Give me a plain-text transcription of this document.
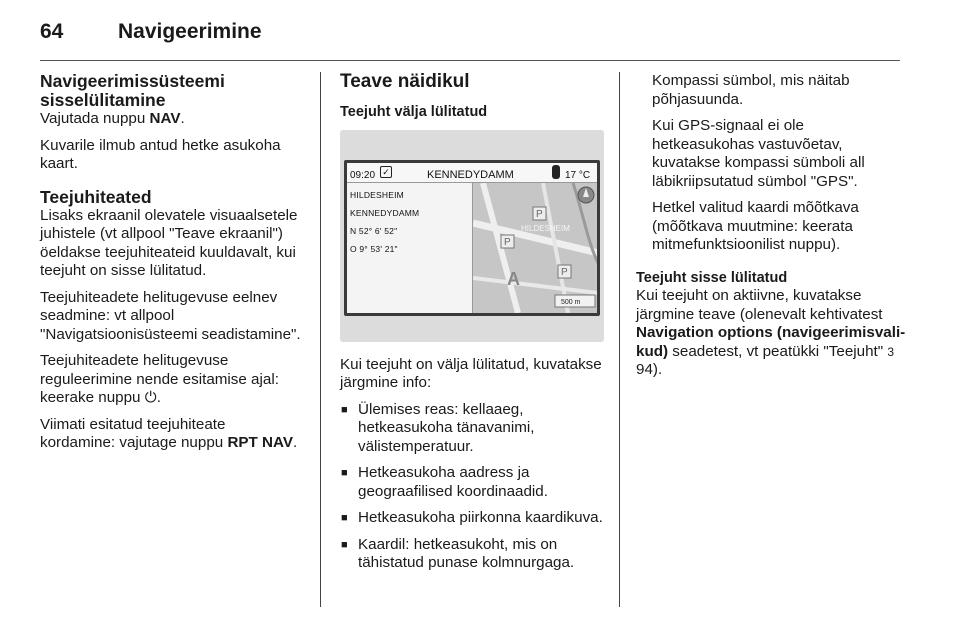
64	Navigeerimine
Navigeerimissüsteemi sisselülitamine

Vajutada nuppu NAV.

Kuvarile ilmub antud hetke asukoha kaart.

Teejuhiteated

Lisaks ekraanil olevatele visuaalsetele juhistele (vt allpool "Teave ekraanil") öeldakse teejuhiteateid kuuldavalt, kui teejuht on sisse lülitatud.

Teejuhiteadete helitugevuse eelnev seadmine: vt allpool "Navigatsioonisüsteemi seadistamine".

Teejuhiteadete helitugevuse reguleerimine nende esitamise ajal: keerake nuppu ⏻.

Viimati esitatud teejuhiteate kordamine: vajutage nuppu RPT NAV.

Teave näidikul
Teejuht välja lülitatud
09:20 ✓	KENNEDYDAMM	17 °C
HILDESHEIM
KENNEDYDAMM
N 52° 6' 52"
O 9° 53' 21"
P
P
P
HILDESHEIM
A
500 m

Kui teejuht on välja lülitatud, kuvatakse järgmine info:

■ Ülemises reas: kellaaeg, hetkeasukoha tänavanimi, välistemperatuur.
■ Hetkeasukoha aadress ja geograafilised koordinaadid.
■ Hetkeasukoha piirkonna kaardikuva.
■ Kaardil: hetkeasukoht, mis on tähistatud punase kolmnurgaga.

Kompassi sümbol, mis näitab põhjasuunda.

Kui GPS-signaal ei ole hetkeasukohas vastuvõetav, kuvatakse kompassi sümboli all läbikriipsutatud sümbol "GPS".

Hetkel valitud kaardi mõõtkava (mõõtkava muutmine: keerata mitmefunktsioonilist nuppu).

Teejuht sisse lülitatud

Kui teejuht on aktiivne, kuvatakse järgmine teave (olenevalt kehtivatest Navigation options (navigeerimisvali-kud) seadetest, vt peatükki "Teejuht" 3 94).
